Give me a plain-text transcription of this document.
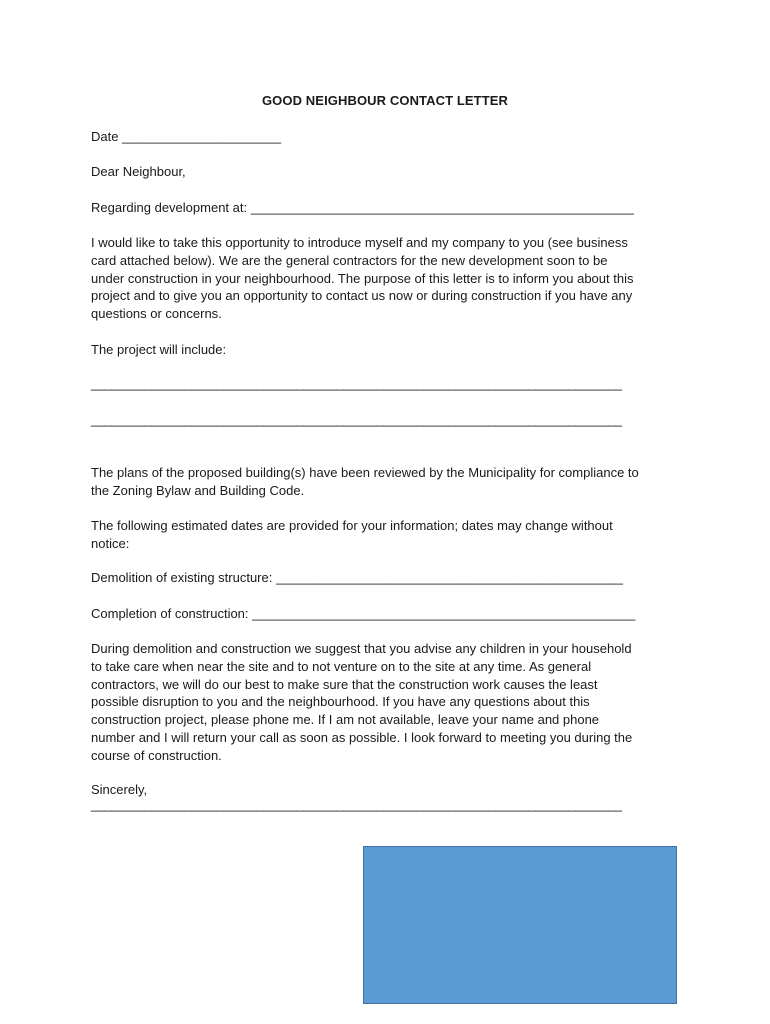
GOOD NEIGHBOUR CONTACT LETTER
Date ______________________
Dear Neighbour,
Regarding development at: _____________________________________________________
I would like to take this opportunity to introduce myself and my company to you (see business
card attached below). We are the general contractors for the new development soon to be
under construction in your neighbourhood. The purpose of this letter is to inform you about this
project and to give you an opportunity to contact us now or during construction if you have any
questions or concerns.
The project will include:
________________________________________________________________________________
________________________________________________________________________________
The plans of the proposed building(s) have been reviewed by the Municipality for compliance to
the Zoning Bylaw and Building Code.
The following estimated dates are provided for your information; dates may change without
notice:
Demolition of existing structure: ________________________________________________
Completion of construction: _____________________________________________________
During demolition and construction we suggest that you advise any children in your household
to take care when near the site and to not venture on to the site at any time. As general
contractors, we will do our best to make sure that the construction work causes the least
possible disruption to you and the neighbourhood. If you have any questions about this
construction project, please phone me. If I am not available, leave your name and phone
number and I will return your call as soon as possible. I look forward to meeting you during the
course of construction.
Sincerely,
________________________________________________________________________________
